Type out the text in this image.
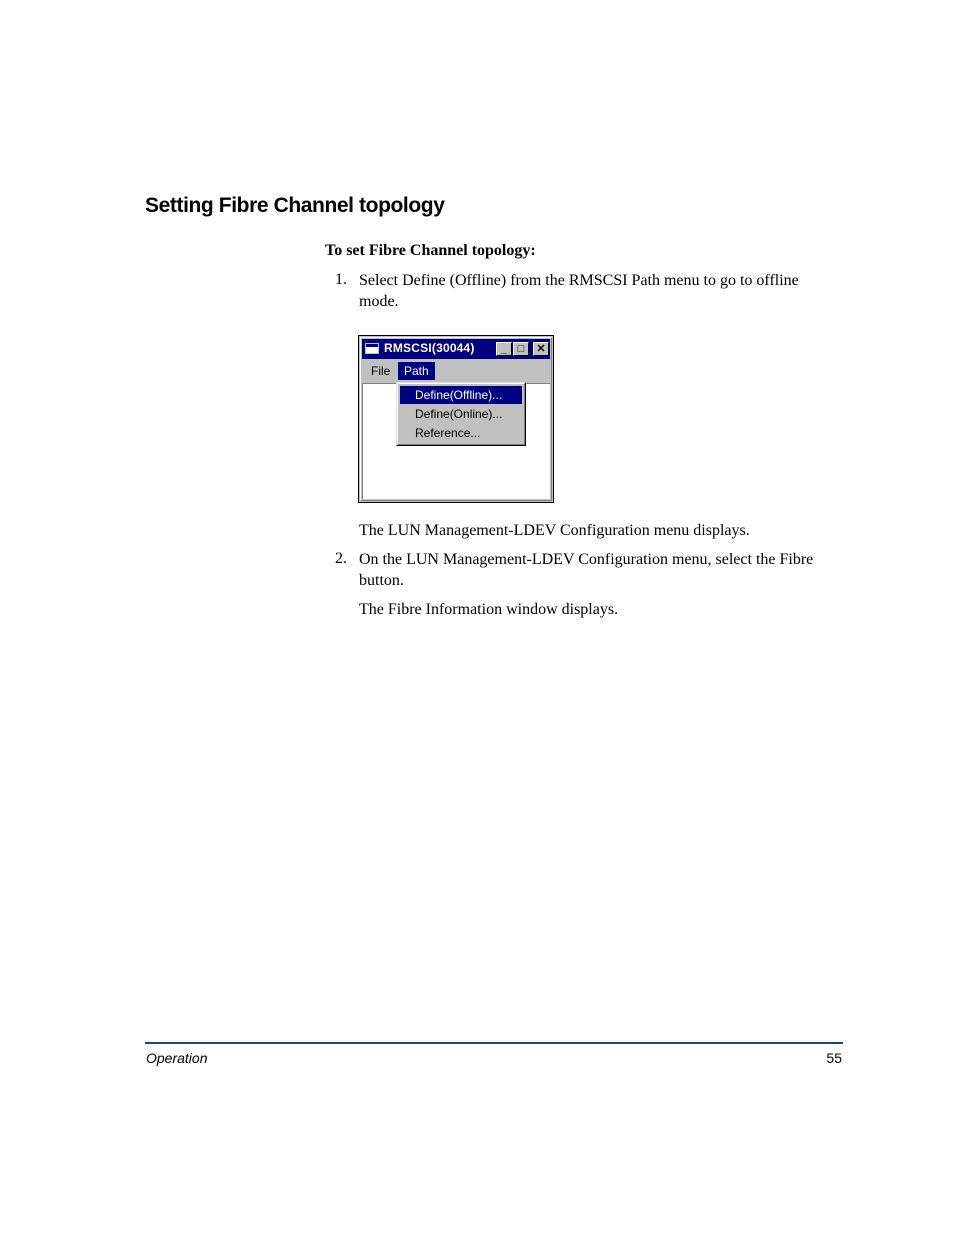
Setting Fibre Channel topology
To set Fibre Channel topology:
1. Select Define (Offline) from the RMSCSI Path menu to go to offline
mode.
RMSCSI(30044)	_ □	✕
File	Path
Define(Offline)...
Define(Online)...
Reference...
The LUN Management-LDEV Configuration menu displays.
2. On the LUN Management-LDEV Configuration menu, select the Fibre
button.
The Fibre Information window displays.
Operation	55
